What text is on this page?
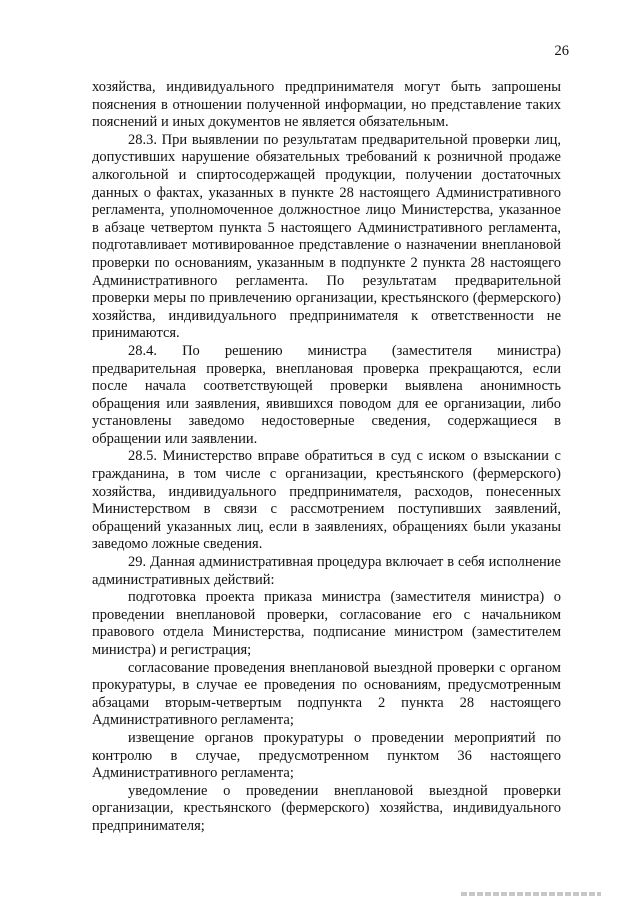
26

хозяйства, индивидуального предпринимателя могут быть запрошены пояснения в отношении полученной информации, но представление таких пояснений и иных документов не является обязательным.

28.3. При выявлении по результатам предварительной проверки лиц, допустивших нарушение обязательных требований к розничной продаже алкогольной и спиртосодержащей продукции, получении достаточных данных о фактах, указанных в пункте 28 настоящего Административного регламента, уполномоченное должностное лицо Министерства, указанное в абзаце четвертом пункта 5 настоящего Административного регламента, подготавливает мотивированное представление о назначении внеплановой проверки по основаниям, указанным в подпункте 2 пункта 28 настоящего Административного регламента. По результатам предварительной проверки меры по привлечению организации, крестьянского (фермерского) хозяйства, индивидуального предпринимателя к ответственности не принимаются.

28.4. По решению министра (заместителя министра) предварительная проверка, внеплановая проверка прекращаются, если после начала соответствующей проверки выявлена анонимность обращения или заявления, явившихся поводом для ее организации, либо установлены заведомо недостоверные сведения, содержащиеся в обращении или заявлении.

28.5. Министерство вправе обратиться в суд с иском о взыскании с гражданина, в том числе с организации, крестьянского (фермерского) хозяйства, индивидуального предпринимателя, расходов, понесенных Министерством в связи с рассмотрением поступивших заявлений, обращений указанных лиц, если в заявлениях, обращениях были указаны заведомо ложные сведения.

29. Данная административная процедура включает в себя исполнение административных действий:

подготовка проекта приказа министра (заместителя министра) о проведении внеплановой проверки, согласование его с начальником правового отдела Министерства, подписание министром (заместителем министра) и регистрация;

согласование проведения внеплановой выездной проверки с органом прокуратуры, в случае ее проведения по основаниям, предусмотренным абзацами вторым-четвертым подпункта 2 пункта 28 настоящего Административного регламента;

извещение органов прокуратуры о проведении мероприятий по контролю в случае, предусмотренном пунктом 36 настоящего Административного регламента;

уведомление о проведении внеплановой выездной проверки организации, крестьянского (фермерского) хозяйства, индивидуального предпринимателя;
